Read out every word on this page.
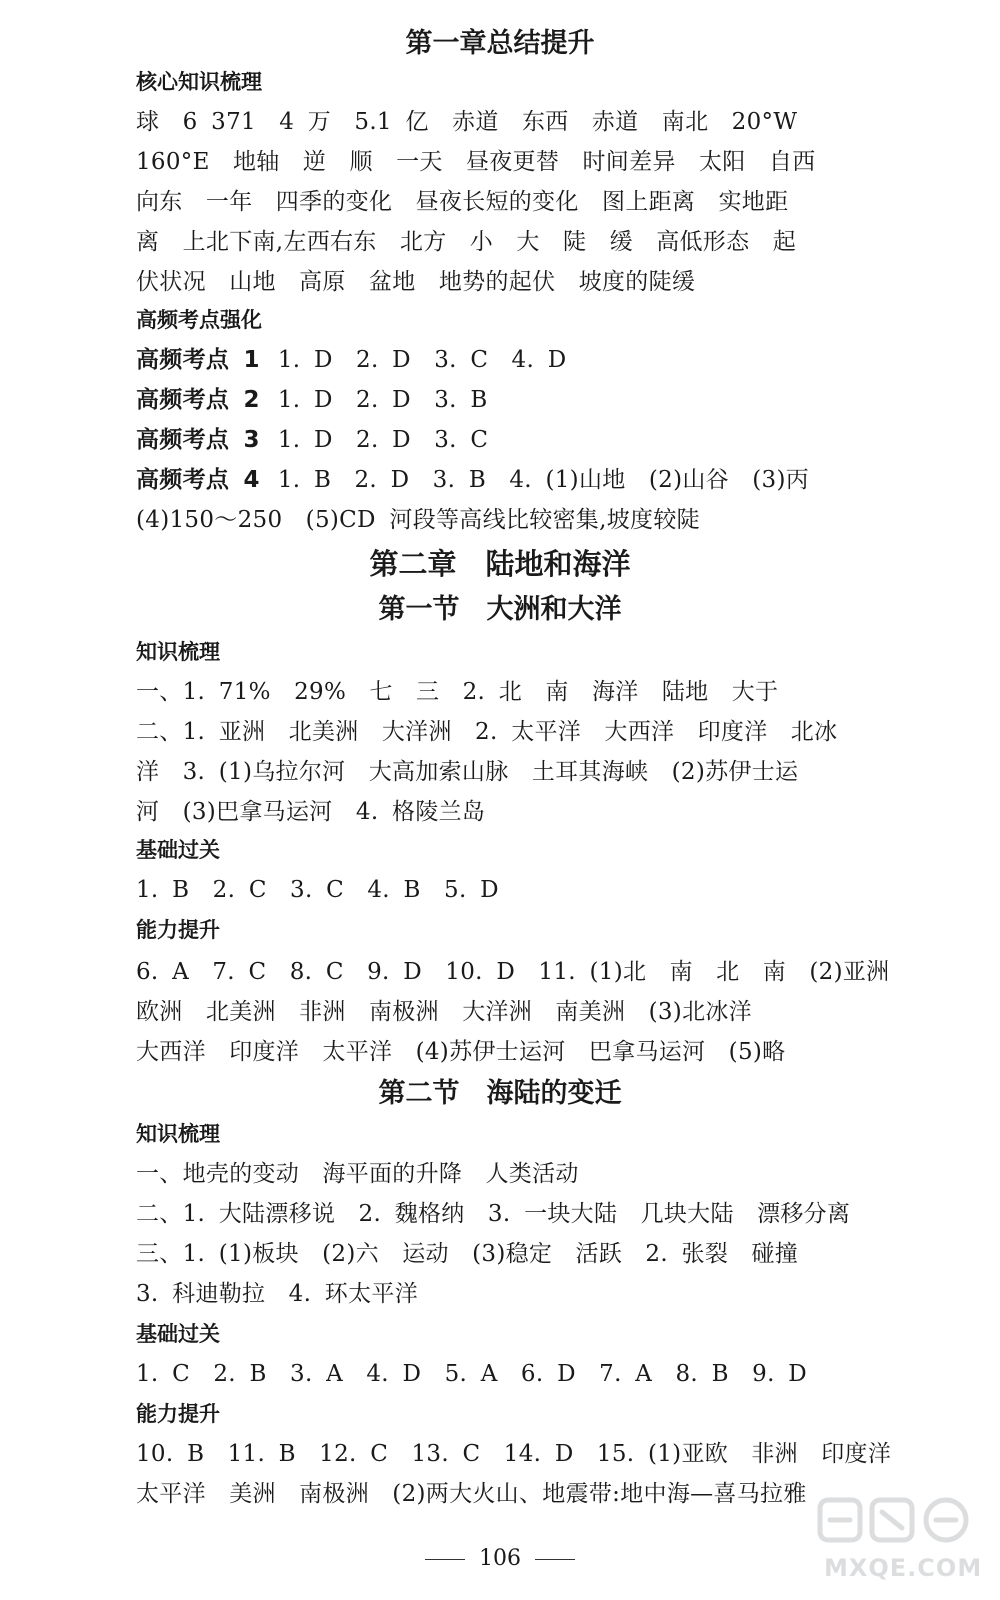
第一章总结提升
核心知识梳理
球　6 371　4 万　5.1 亿　赤道　东西　赤道　南北　20°W
160°E　地轴　逆　顺　一天　昼夜更替　时间差异　太阳　自西
向东　一年　四季的变化　昼夜长短的变化　图上距离　实地距
离　上北下南,左西右东　北方　小　大　陡　缓　高低形态　起
伏状况　山地　高原　盆地　地势的起伏　坡度的陡缓
高频考点强化
高频考点 1 1. D　2. D　3. C　4. D
高频考点 2 1. D　2. D　3. B
高频考点 3 1. D　2. D　3. C
高频考点 4 1. B　2. D　3. B　4. (1)山地　(2)山谷　(3)丙
(4)150～250　(5)CD 河段等高线比较密集,坡度较陡
第二章　陆地和海洋
第一节　大洲和大洋
知识梳理
一、1. 71%　29%　七　三　2. 北　南　海洋　陆地　大于
二、1. 亚洲　北美洲　大洋洲　2. 太平洋　大西洋　印度洋　北冰
洋　3. (1)乌拉尔河　大高加索山脉　土耳其海峡　(2)苏伊士运
河　(3)巴拿马运河　4. 格陵兰岛
基础过关
1. B　2. C　3. C　4. B　5. D
能力提升
6. A　7. C　8. C　9. D　10. D　11. (1)北　南　北　南　(2)亚洲
欧洲　北美洲　非洲　南极洲　大洋洲　南美洲　(3)北冰洋
大西洋　印度洋　太平洋　(4)苏伊士运河　巴拿马运河　(5)略
第二节　海陆的变迁
知识梳理
一、地壳的变动　海平面的升降　人类活动
二、1. 大陆漂移说　2. 魏格纳　3. 一块大陆　几块大陆　漂移分离
三、1. (1)板块　(2)六　运动　(3)稳定　活跃　2. 张裂　碰撞
3. 科迪勒拉　4. 环太平洋
基础过关
1. C　2. B　3. A　4. D　5. A　6. D　7. A　8. B　9. D
能力提升
10. B　11. B　12. C　13. C　14. D　15. (1)亚欧　非洲　印度洋
太平洋　美洲　南极洲　(2)两大火山、地震带:地中海—喜马拉雅
106	MXQE.COM
